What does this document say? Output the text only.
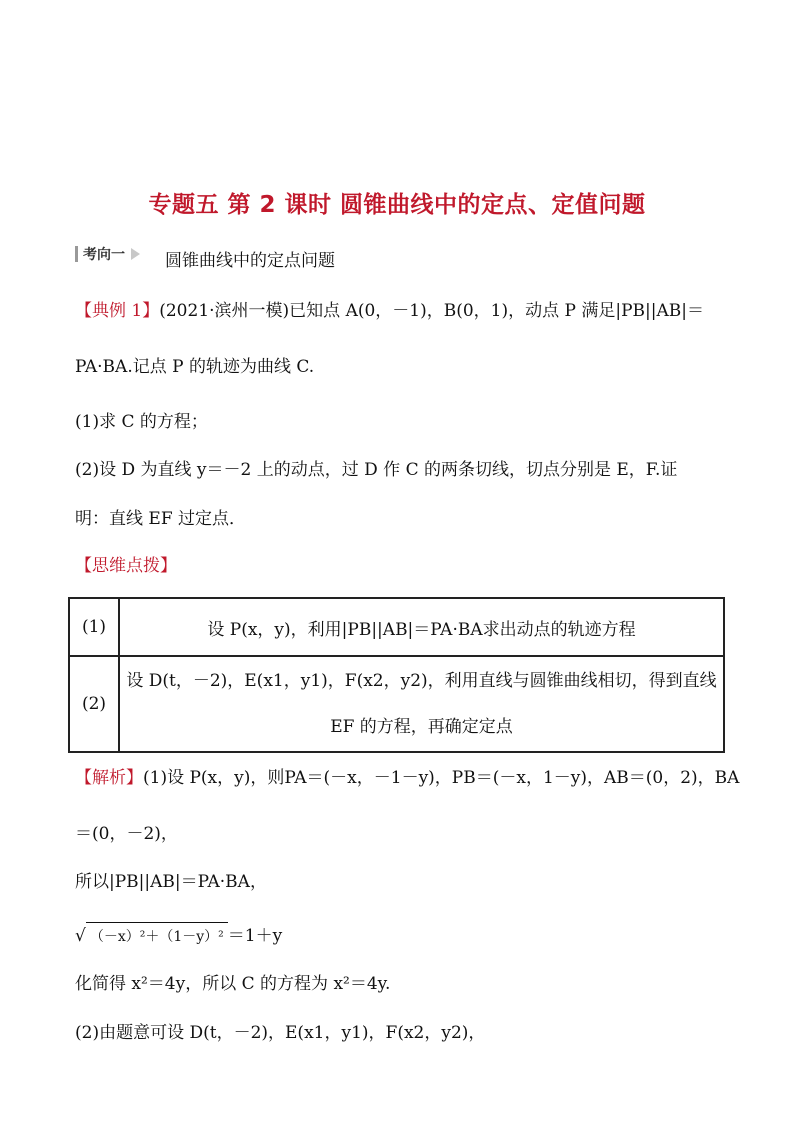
专题五 第 2 课时 圆锥曲线中的定点、定值问题
考向一 圆锥曲线中的定点问题
【典例 1】(2021·滨州一模)已知点 A(0，－1)，B(0，1)，动点 P 满足|PB||AB|＝
PA·BA.记点 P 的轨迹为曲线 C.
(1)求 C 的方程；
(2)设 D 为直线 y＝－2 上的动点，过 D 作 C 的两条切线，切点分别是 E，F.证
明：直线 EF 过定点．
【思维点拨】
(1)	设 P(x，y)，利用|PB||AB|＝PA·BA求出动点的轨迹方程
(2)	设 D(t，－2)，E(x1，y1)，F(x2，y2)，利用直线与圆锥曲线相切，得到直线
EF 的方程，再确定定点
【解析】(1)设 P(x，y)，则PA＝(－x，－1－y)，PB＝(－x，1－y)，AB＝(0，2)，BA
＝(0，－2)，
所以|PB||AB|＝PA·BA，
√ （－x）²＋（1－y）² ＝1＋y
化简得 x²＝4y，所以 C 的方程为 x²＝4y.
(2)由题意可设 D(t，－2)，E(x1，y1)，F(x2，y2)，
